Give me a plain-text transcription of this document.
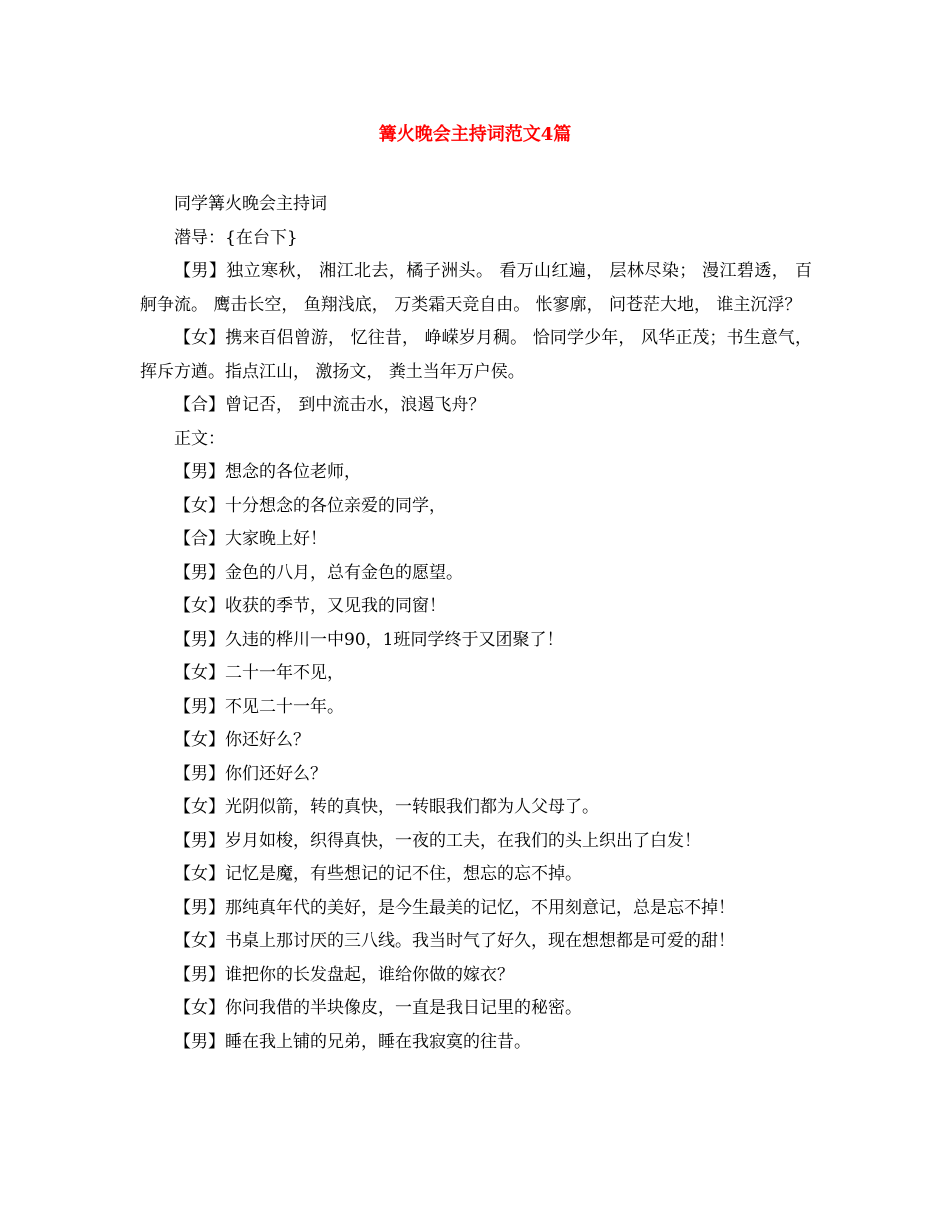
篝火晚会主持词范文4篇

同学篝火晚会主持词

潜导：{在台下}

【男】独立寒秋， 湘江北去，橘子洲头。 看万山红遍， 层林尽染； 漫江碧透， 百舸争流。 鹰击长空， 鱼翔浅底， 万类霜天竞自由。 怅寥廓， 问苍茫大地， 谁主沉浮？

【女】携来百侣曾游， 忆往昔， 峥嵘岁月稠。 恰同学少年， 风华正茂；书生意气， 挥斥方遒。指点江山， 激扬文， 粪土当年万户侯。

【合】曾记否， 到中流击水，浪遏飞舟？

正文：

【男】想念的各位老师，

【女】十分想念的各位亲爱的同学，

【合】大家晚上好！

【男】金色的八月，总有金色的愿望。

【女】收获的季节，又见我的同窗！

【男】久违的桦川一中90，1班同学终于又团聚了！

【女】二十一年不见，

【男】不见二十一年。

【女】你还好么？

【男】你们还好么？

【女】光阴似箭，转的真快，一转眼我们都为人父母了。

【男】岁月如梭，织得真快，一夜的工夫，在我们的头上织出了白发！

【女】记忆是魔，有些想记的记不住，想忘的忘不掉。

【男】那纯真年代的美好，是今生最美的记忆，不用刻意记，总是忘不掉！

【女】书桌上那讨厌的三八线。我当时气了好久，现在想想都是可爱的甜！

【男】谁把你的长发盘起，谁给你做的嫁衣？

【女】你问我借的半块像皮，一直是我日记里的秘密。

【男】睡在我上铺的兄弟，睡在我寂寞的往昔。
